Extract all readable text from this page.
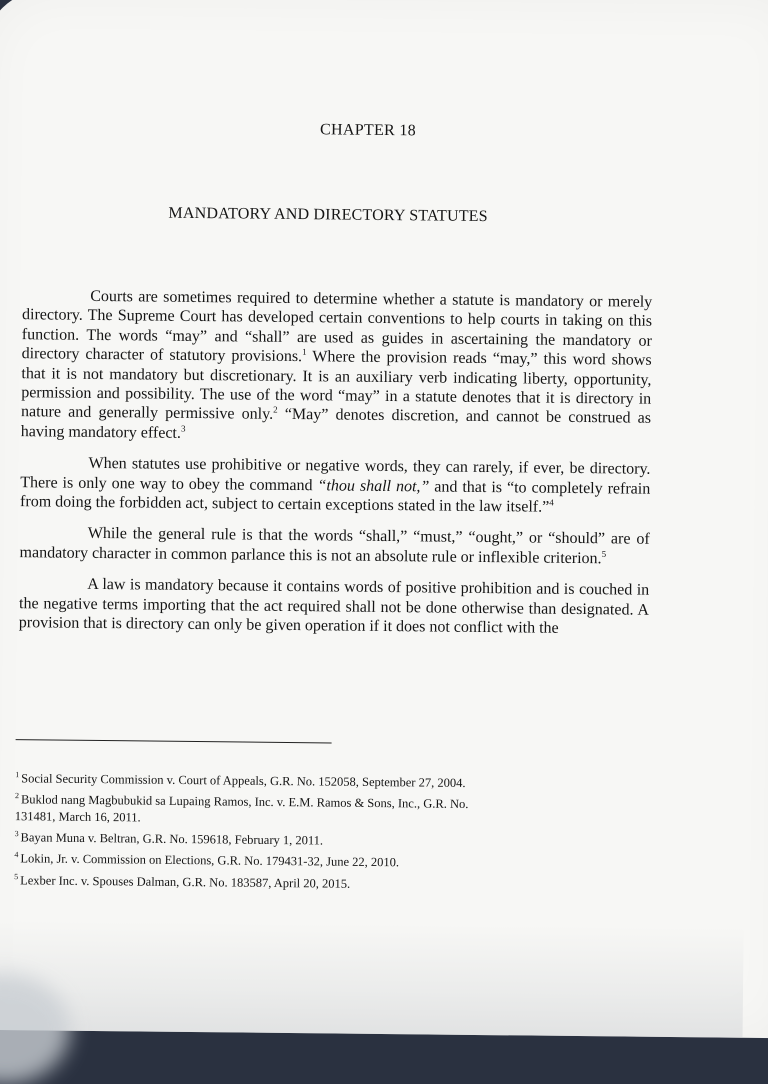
CHAPTER 18
MANDATORY AND DIRECTORY STATUTES

Courts are sometimes required to determine whether a statute is mandatory or merely directory. The Supreme Court has developed certain conventions to help courts in taking on this function. The words “may” and “shall” are used as guides in ascertaining the mandatory or directory character of statutory provisions.$^1$ Where the provision reads “may,” this word shows that it is not mandatory but discretionary. It is an auxiliary verb indicating liberty, opportunity, permission and possibility. The use of the word “may” in a statute denotes that it is directory in nature and generally permissive only.$^2$ “May” denotes discretion, and cannot be construed as having mandatory effect.$^3$

When statutes use prohibitive or negative words, they can rarely, if ever, be directory. There is only one way to obey the command “thou shall not,” and that is “to completely refrain from doing the forbidden act, subject to certain exceptions stated in the law itself.”$^4$

While the general rule is that the words “shall,” “must,” “ought,” or “should” are of mandatory character in common parlance this is not an absolute rule or inflexible criterion.$^5$

A law is mandatory because it contains words of positive prohibition and is couched in the negative terms importing that the act required shall not be done otherwise than designated. A provision that is directory can only be given operation if it does not conflict with the

$^1$ Social Security Commission v. Court of Appeals, G.R. No. 152058, September 27, 2004.

$^2$ Buklod nang Magbubukid sa Lupaing Ramos, Inc. v. E.M. Ramos & Sons, Inc., G.R. No.

131481, March 16, 2011.

$^3$ Bayan Muna v. Beltran, G.R. No. 159618, February 1, 2011.

$^4$ Lokin, Jr. v. Commission on Elections, G.R. No. 179431-32, June 22, 2010.

$^5$ Lexber Inc. v. Spouses Dalman, G.R. No. 183587, April 20, 2015.
